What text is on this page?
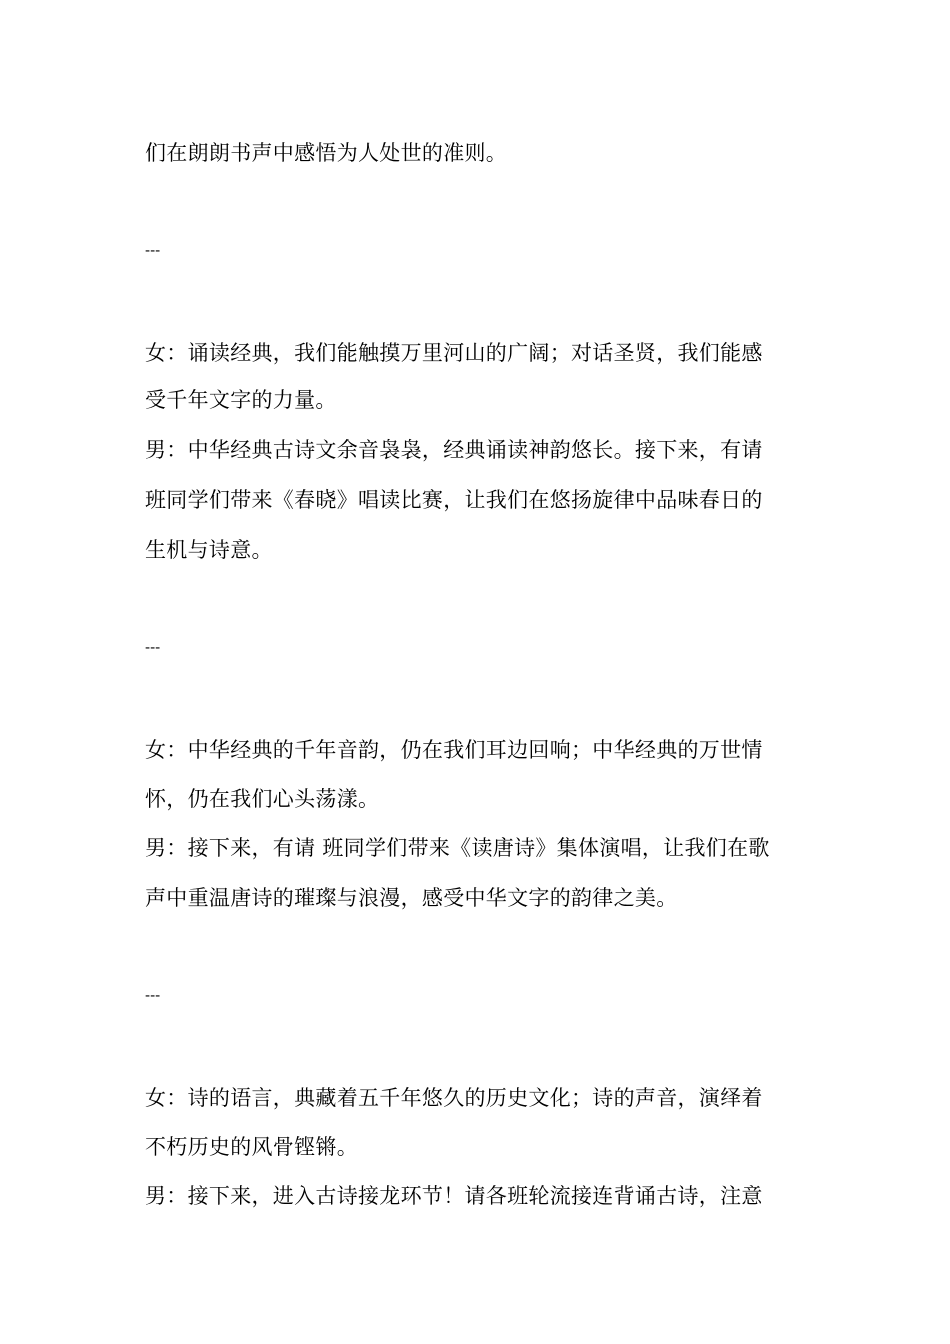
们在朗朗书声中感悟为人处世的准则。
---
女：诵读经典，我们能触摸万里河山的广阔；对话圣贤，我们能感
受千年文字的力量。
男：中华经典古诗文余音袅袅，经典诵读神韵悠长。接下来，有请
班同学们带来《春晓》唱读比赛，让我们在悠扬旋律中品味春日的
生机与诗意。
---
女：中华经典的千年音韵，仍在我们耳边回响；中华经典的万世情
怀，仍在我们心头荡漾。
男：接下来，有请 班同学们带来《读唐诗》集体演唱，让我们在歌
声中重温唐诗的璀璨与浪漫，感受中华文字的韵律之美。
---
女：诗的语言，典藏着五千年悠久的历史文化；诗的声音，演绎着
不朽历史的风骨铿锵。
男：接下来，进入古诗接龙环节！请各班轮流接连背诵古诗，注意
